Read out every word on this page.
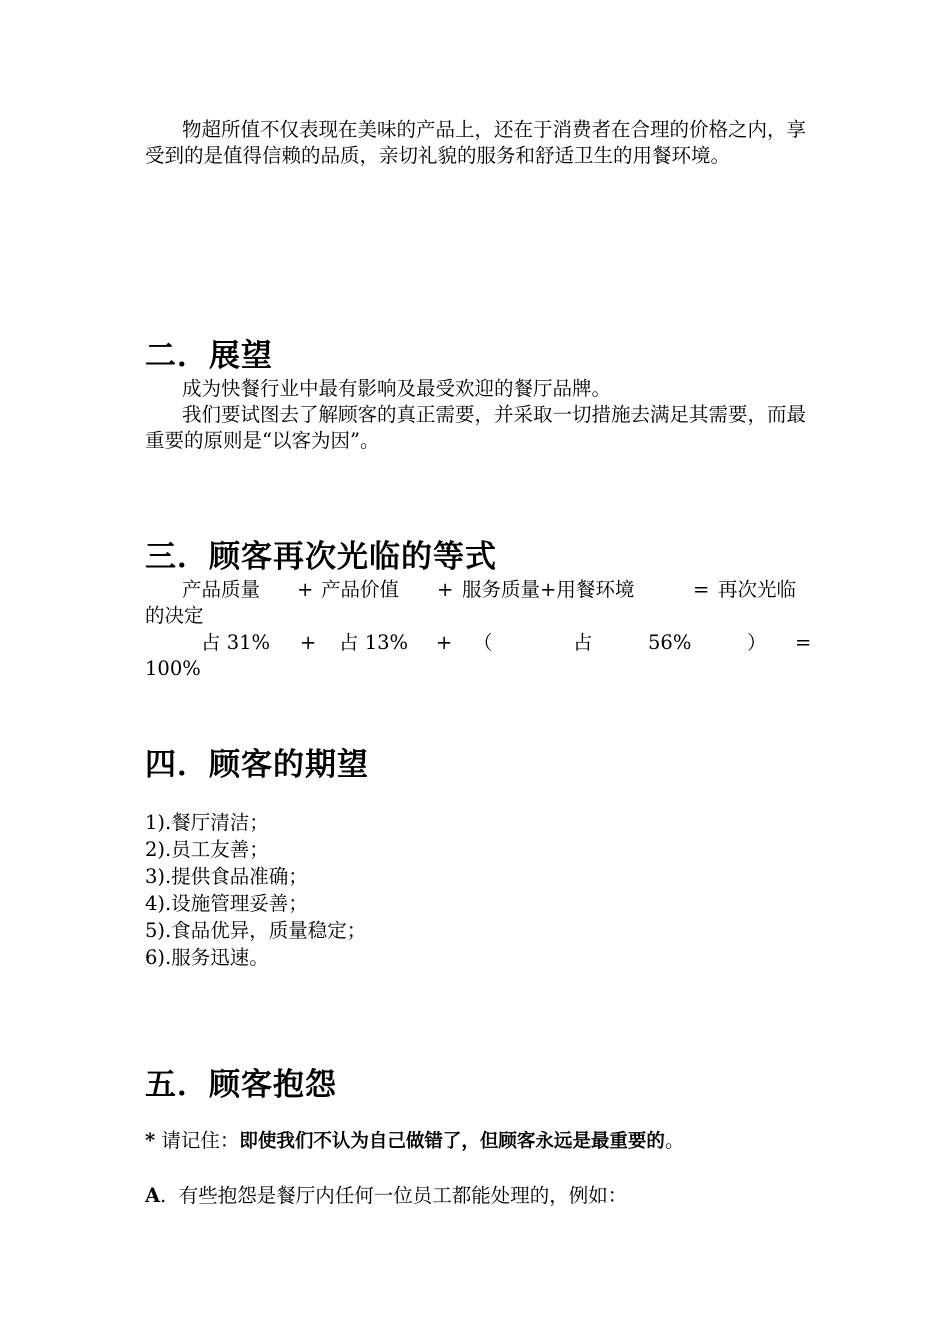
物超所值不仅表现在美味的产品上，还在于消费者在合理的价格之内，享受到的是值得信赖的品质，亲切礼貌的服务和舒适卫生的用餐环境。

二．展望

成为快餐行业中最有影响及最受欢迎的餐厅品牌。

我们要试图去了解顾客的真正需要，并采取一切措施去满足其需要，而最重要的原则是“以客为因”。

三．顾客再次光临的等式
产品质量 + 产品价值 + 服务质量+用餐环境	= 再次光临
的决定
占 31% + 占 13% + （	占	56%	） =
100%
四．顾客的期望
1).餐厅清洁；
2).员工友善；
3).提供食品准确；
4).设施管理妥善；
5).食品优异，质量稳定；
6).服务迅速。
五．顾客抱怨

* 请记住：即使我们不认为自己做错了，但顾客永远是最重要的。

A. 有些抱怨是餐厅内任何一位员工都能处理的，例如：
